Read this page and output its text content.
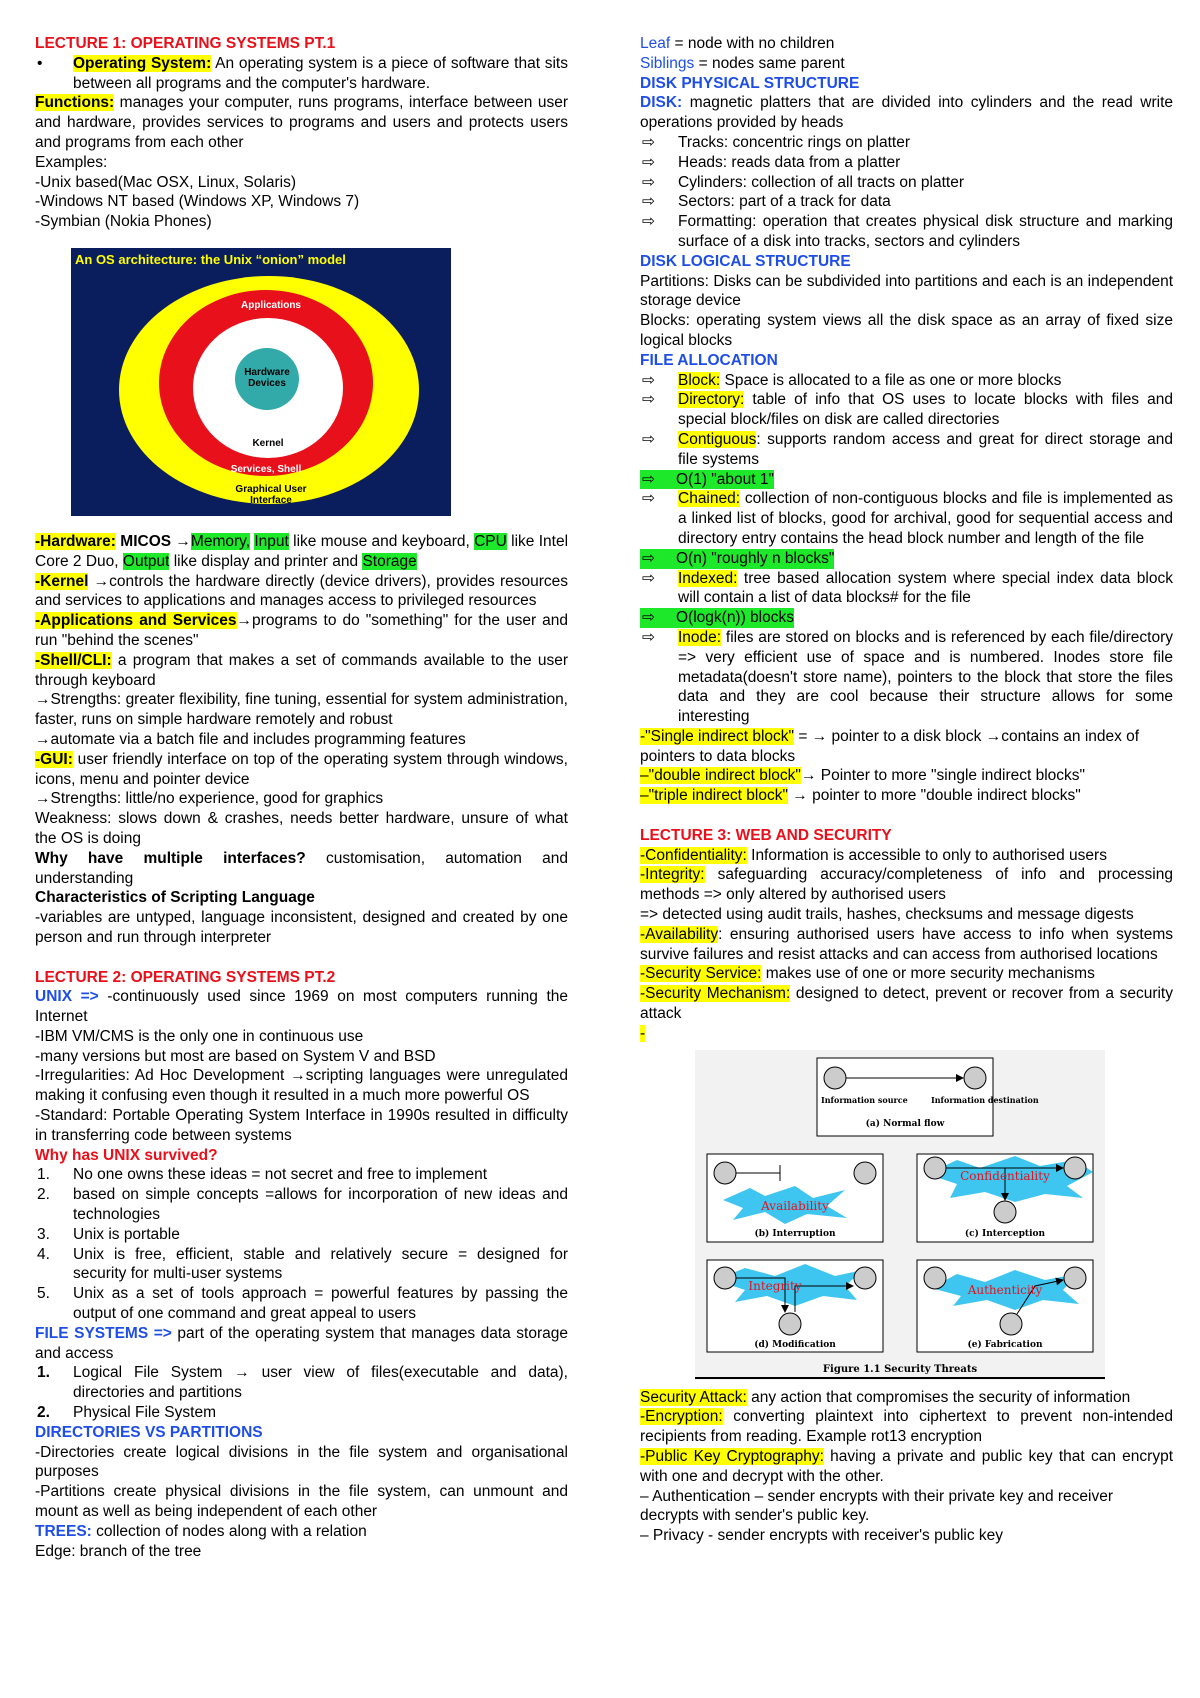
LECTURE 1: OPERATING SYSTEMS PT.1

•	Operating System: An operating system is a piece of software that sits between all programs and the computer's hardware.

Functions: manages your computer, runs programs, interface between user and hardware, provides services to programs and users and protects users and programs from each other

Examples:

-Unix based(Mac OSX, Linux, Solaris)

-Windows NT based (Windows XP, Windows 7)

-Symbian (Nokia Phones)

An OS architecture: the Unix “onion” model
Applications
Hardware Devices
Kernel
Services, Shell
Graphical User Interface

-Hardware: MICOS →Memory, Input like mouse and keyboard, CPU like Intel Core 2 Duo, Output like display and printer and Storage

-Kernel →controls the hardware directly (device drivers), provides resources and services to applications and manages access to privileged resources

-Applications and Services→programs to do "something" for the user and run "behind the scenes"

-Shell/CLI: a program that makes a set of commands available to the user through keyboard

→Strengths: greater flexibility, fine tuning, essential for system administration, faster, runs on simple hardware remotely and robust

→automate via a batch file and includes programming features

-GUI: user friendly interface on top of the operating system through windows, icons, menu and pointer device

→Strengths: little/no experience, good for graphics

Weakness: slows down & crashes, needs better hardware, unsure of what the OS is doing

Why have multiple interfaces? customisation, automation and understanding

Characteristics of Scripting Language

-variables are untyped, language inconsistent, designed and created by one person and run through interpreter

LECTURE 2: OPERATING SYSTEMS PT.2

UNIX => -continuously used since 1969 on most computers running the Internet

-IBM VM/CMS is the only one in continuous use

-many versions but most are based on System V and BSD

-Irregularities: Ad Hoc Development →scripting languages were unregulated making it confusing even though it resulted in a much more powerful OS

-Standard: Portable Operating System Interface in 1990s resulted in difficulty in transferring code between systems

Why has UNIX survived?

1.	No one owns these ideas = not secret and free to implement
2.	based on simple concepts =allows for incorporation of new ideas and technologies
3.	Unix is portable
4.	Unix is free, efficient, stable and relatively secure = designed for security for multi-user systems
5.	Unix as a set of tools approach = powerful features by passing the output of one command and great appeal to users

FILE SYSTEMS => part of the operating system that manages data storage and access

1.	Logical File System → user view of files(executable and data), directories and partitions
2.	Physical File System

DIRECTORIES VS PARTITIONS

-Directories create logical divisions in the file system and organisational purposes

-Partitions create physical divisions in the file system, can unmount and mount as well as being independent of each other

TREES: collection of nodes along with a relation

Edge: branch of the tree

Leaf = node with no children

Siblings = nodes same parent

DISK PHYSICAL STRUCTURE

DISK: magnetic platters that are divided into cylinders and the read write operations provided by heads

⇨	Tracks: concentric rings on platter
⇨	Heads: reads data from a platter
⇨	Cylinders: collection of all tracts on platter
⇨	Sectors: part of a track for data
⇨	Formatting: operation that creates physical disk structure and marking surface of a disk into tracks, sectors and cylinders

DISK LOGICAL STRUCTURE

Partitions: Disks can be subdivided into partitions and each is an independent storage device

Blocks: operating system views all the disk space as an array of fixed size logical blocks

FILE ALLOCATION

⇨	Block: Space is allocated to a file as one or more blocks
⇨	Directory: table of info that OS uses to locate blocks with files and special block/files on disk are called directories
⇨	Contiguous: supports random access and great for direct storage and file systems
⇨ O(1) "about 1"
⇨	Chained: collection of non-contiguous blocks and file is implemented as a linked list of blocks, good for archival, good for sequential access and directory entry contains the head block number and length of the file
⇨ O(n) "roughly n blocks"
⇨	Indexed: tree based allocation system where special index data block will contain a list of data blocks# for the file
⇨ O(logk(n)) blocks
⇨	Inode: files are stored on blocks and is referenced by each file/directory => very efficient use of space and is numbered. Inodes store file metadata(doesn't store name), pointers to the block that store the files data and they are cool because their structure allows for some interesting

-"Single indirect block" = → pointer to a disk block →contains an index of pointers to data blocks

–"double indirect block"→ Pointer to more "single indirect blocks"

–"triple indirect block" → pointer to more "double indirect blocks"

LECTURE 3: WEB AND SECURITY

-Confidentiality: Information is accessible to only to authorised users

-Integrity: safeguarding accuracy/completeness of info and processing methods => only altered by authorised users

=> detected using audit trails, hashes, checksums and message digests

-Availability: ensuring authorised users have access to info when systems survive failures and resist attacks and can access from authorised locations

-Security Service: makes use of one or more security mechanisms

-Security Mechanism: designed to detect, prevent or recover from a security attack

-

Information source	Information destination
(a) Normal flow
Availability
(b) Interruption
Confidentiality
(c) Interception
Integrity
(d) Modification
Authenticity
(e) Fabrication
Figure 1.1 Security Threats

Security Attack: any action that compromises the security of information

-Encryption: converting plaintext into ciphertext to prevent non-intended recipients from reading. Example rot13 encryption

-Public Key Cryptography: having a private and public key that can encrypt with one and decrypt with the other.

– Authentication – sender encrypts with their private key and receiver decrypts with sender's public key.

– Privacy - sender encrypts with receiver's public key
